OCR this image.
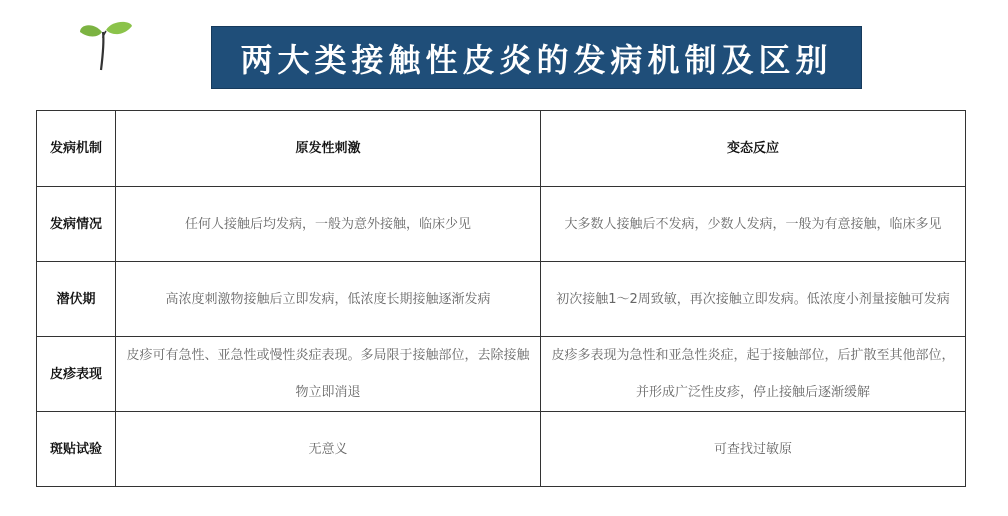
两大类接触性皮炎的发病机制及区别
发病机制	原发性刺激	变态反应
发病情况	任何人接触后均发病，一般为意外接触，临床少见	大多数人接触后不发病，少数人发病，一般为有意接触，临床多见
潜伏期	高浓度刺激物接触后立即发病，低浓度长期接触逐渐发病	初次接触1～2周致敏，再次接触立即发病。低浓度小剂量接触可发病
皮疹表现	皮疹可有急性、亚急性或慢性炎症表现。多局限于接触部位，去除接触物立即消退	皮疹多表现为急性和亚急性炎症，起于接触部位，后扩散至其他部位，并形成广泛性皮疹，停止接触后逐渐缓解
斑贴试验	无意义	可查找过敏原
